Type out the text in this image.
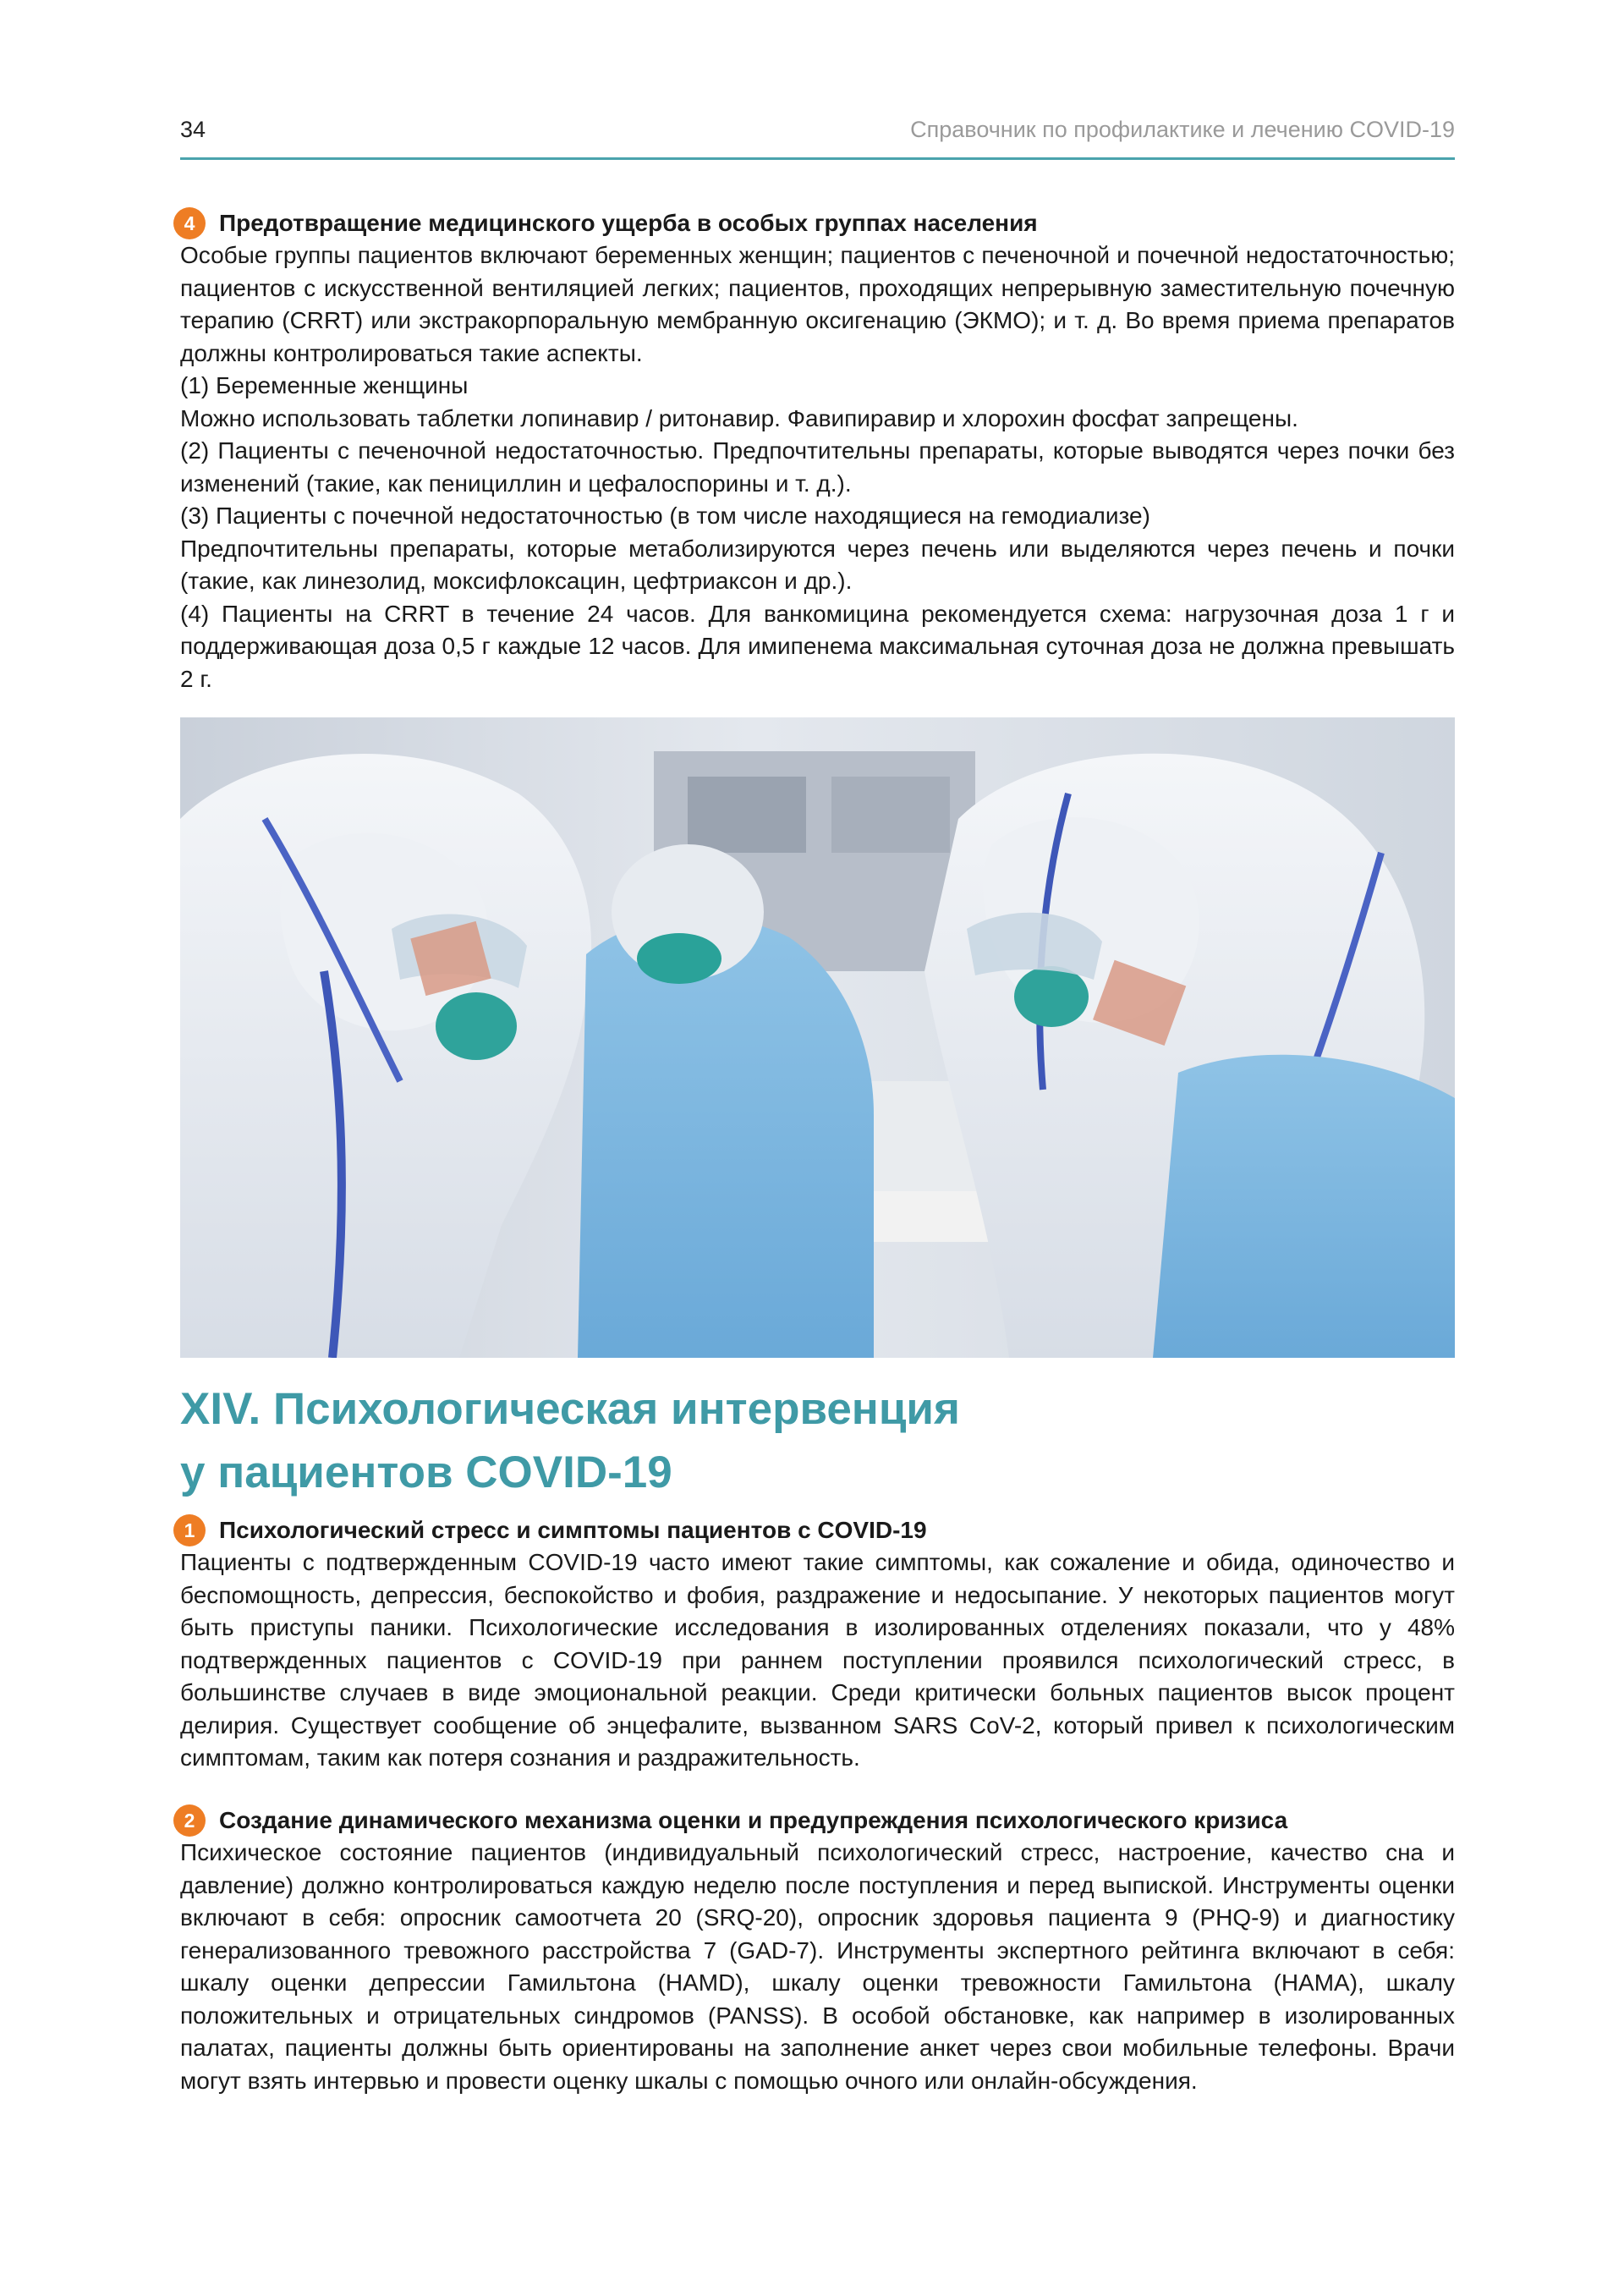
34	Справочник по профилактике и лечению COVID-19
4 Предотвращение медицинского ущерба в особых группах населения

Особые группы пациентов включают беременных женщин; пациентов с печеночной и почечной недостаточностью; пациентов с искусственной вентиляцией легких; пациентов, проходящих непрерывную заместительную почечную терапию (CRRT) или экстракорпоральную мембранную оксигенацию (ЭКМО); и т. д. Во время приема препаратов должны контролироваться такие аспекты.

(1) Беременные женщины

Можно использовать таблетки лопинавир / ритонавир. Фавипиравир и хлорохин фосфат запрещены.

(2) Пациенты с печеночной недостаточностью. Предпочтительны препараты, которые выводятся через почки без изменений (такие, как пенициллин и цефалоспорины и т. д.).

(3) Пациенты с почечной недостаточностью (в том числе находящиеся на гемодиализе)

Предпочтительны препараты, которые метаболизируются через печень или выделяются через печень и почки (такие, как линезолид, моксифлоксацин, цефтриаксон и др.).

(4) Пациенты на CRRT в течение 24 часов. Для ванкомицина рекомендуется схема: нагрузочная доза 1 г и поддерживающая доза 0,5 г каждые 12 часов. Для имипенема максимальная суточная доза не должна превышать 2 г.

XIV. Психологическая интервенция
у пациентов COVID-19
1 Психологический стресс и симптомы пациентов с COVID-19

Пациенты с подтвержденным COVID-19 часто имеют такие симптомы, как сожаление и обида, одиночество и беспомощность, депрессия, беспокойство и фобия, раздражение и недосыпание. У некоторых пациентов могут быть приступы паники. Психологические исследования в изолированных отделениях показали, что у 48% подтвержденных пациентов с COVID-19 при раннем поступлении проявился психологический стресс, в большинстве случаев в виде эмоциональной реакции. Среди критически больных пациентов высок процент делирия. Существует сообщение об энцефалите, вызванном SARS CoV-2, который привел к психологическим симптомам, таким как потеря сознания и раздражительность.

2 Создание динамического механизма оценки и предупреждения психологического кризиса

Психическое состояние пациентов (индивидуальный психологический стресс, настроение, качество сна и давление) должно контролироваться каждую неделю после поступления и перед выпиской. Инструменты оценки включают в себя: опросник самоотчета 20 (SRQ-20), опросник здоровья пациента 9 (PHQ-9) и диагностику генерализованного тревожного расстройства 7 (GAD-7). Инструменты экспертного рейтинга включают в себя: шкалу оценки депрессии Гамильтона (HAMD), шкалу оценки тревожности Гамильтона (HAMA), шкалу положительных и отрицательных синдромов (PANSS). В особой обстановке, как например в изолированных палатах, пациенты должны быть ориентированы на заполнение анкет через свои мобильные телефоны. Врачи могут взять интервью и провести оценку шкалы с помощью очного или онлайн-обсуждения.
